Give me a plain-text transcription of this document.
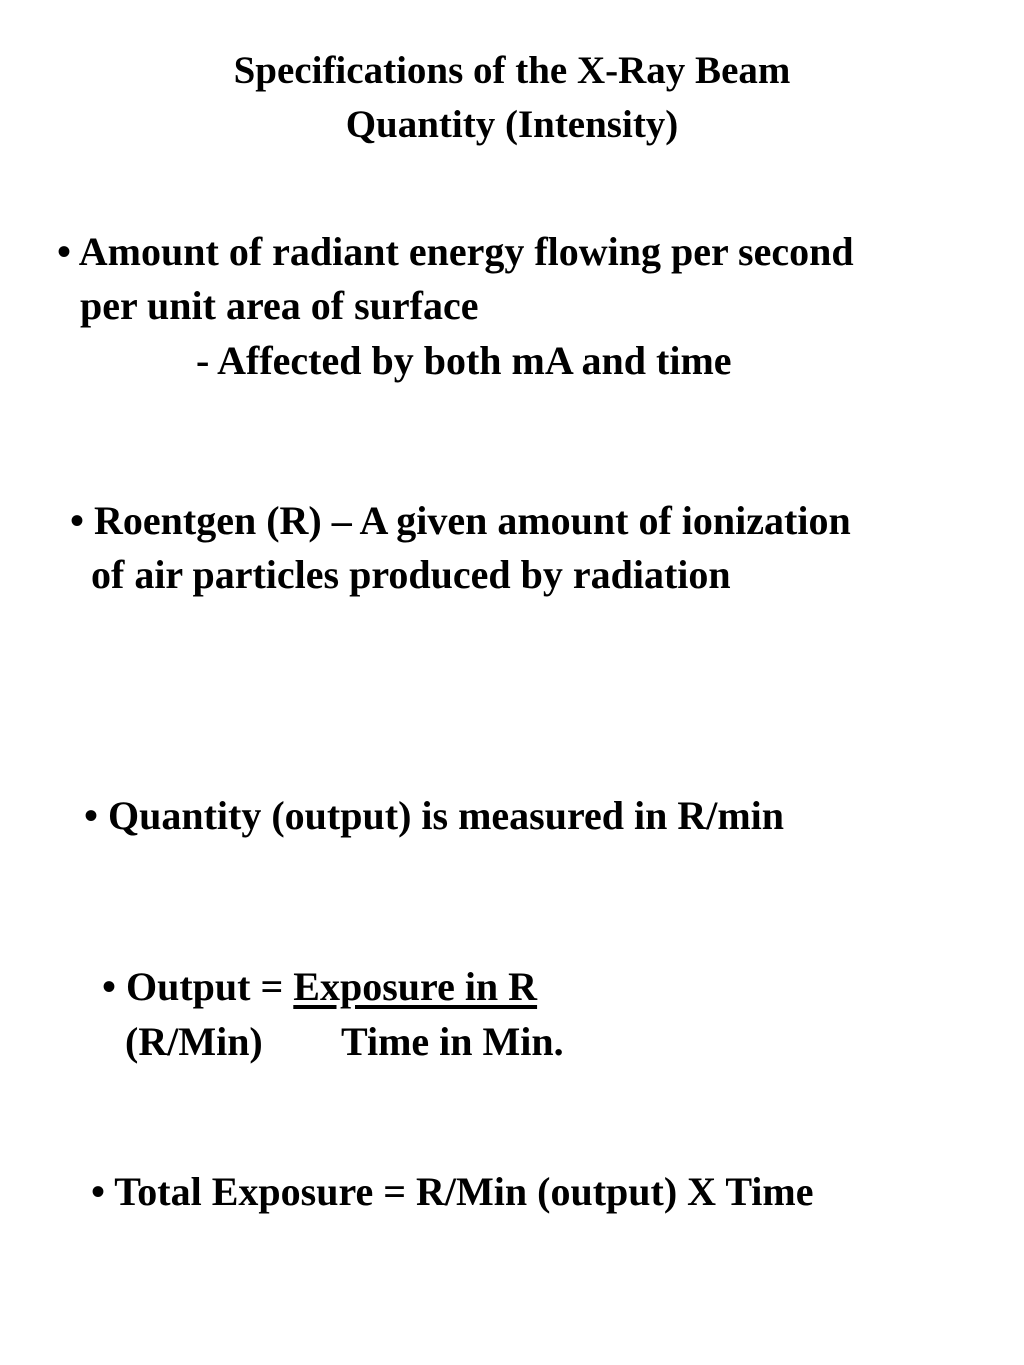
Specifications of the X-Ray Beam
Quantity (Intensity)
• Amount of radiant energy flowing per second
per unit area of surface
- Affected by both mA and time
• Roentgen (R) – A given amount of ionization
of air particles produced by radiation
• Quantity (output) is measured in R/min
• Output = Exposure in R
(R/Min) Time in Min.
• Total Exposure = R/Min (output) X Time
